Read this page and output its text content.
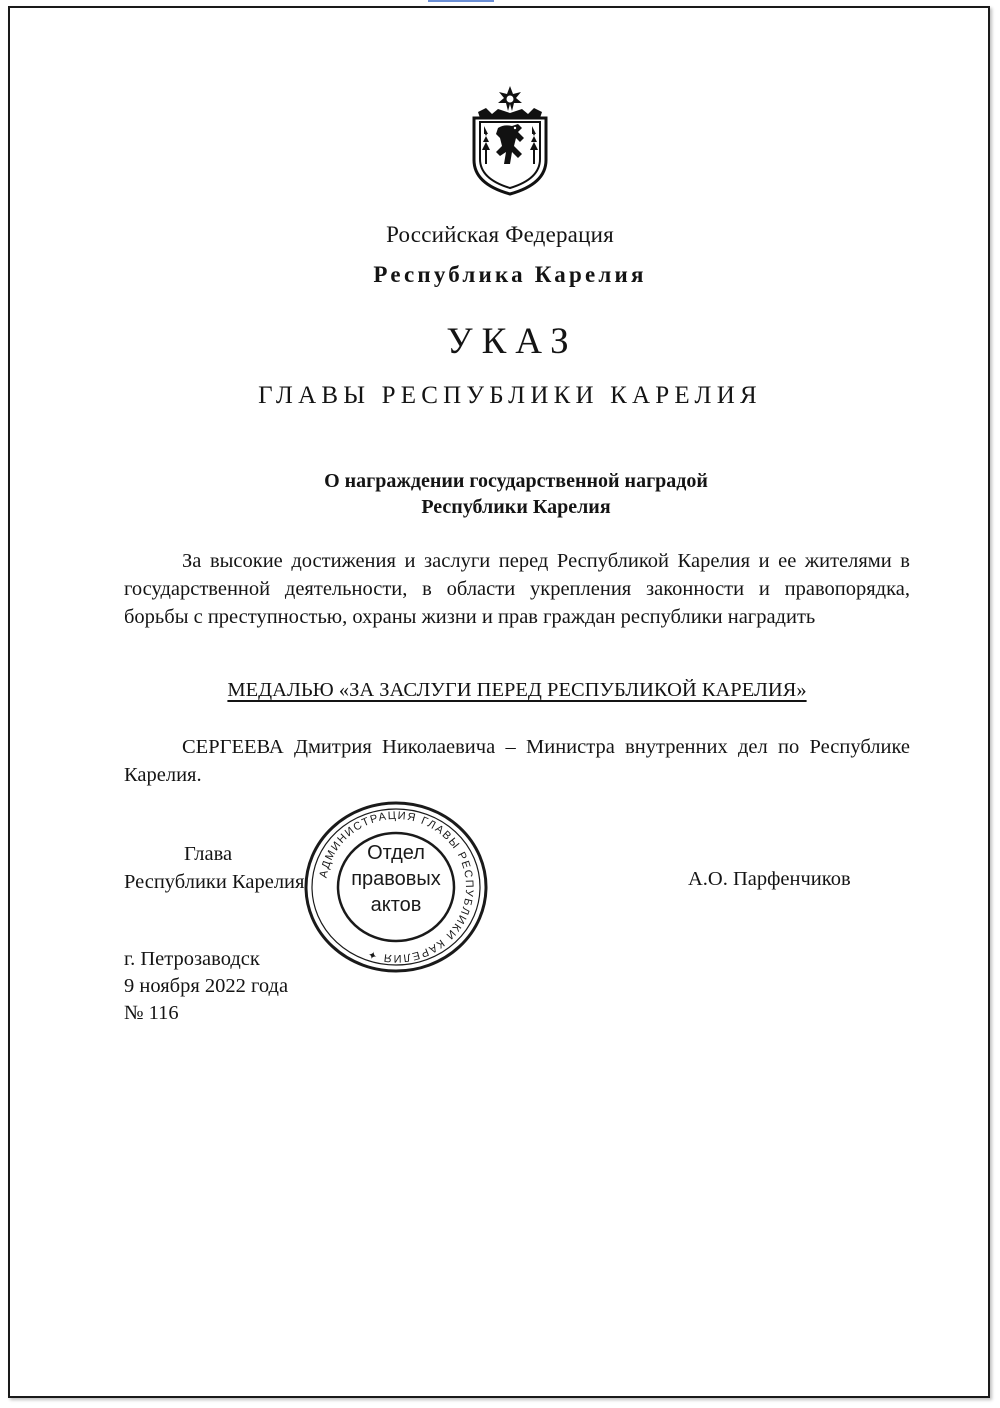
Российская Федерация
Республика Карелия
УКАЗ
ГЛАВЫ РЕСПУБЛИКИ КАРЕЛИЯ
О награждении государственной наградой
Республики Карелия
За высокие достижения и заслуги перед Республикой Карелия и ее жителями в государственной деятельности, в области укрепления законности и правопорядка, борьбы с преступностью, охраны жизни и прав граждан республики наградить
МЕДАЛЬЮ «ЗА ЗАСЛУГИ ПЕРЕД РЕСПУБЛИКОЙ КАРЕЛИЯ»
СЕРГЕЕВА Дмитрия Николаевича – Министра внутренних дел по Республике Карелия.
Глава
Республики Карелия	А.О. Парфенчиков
АДМИНИСТРАЦИЯ ГЛАВЫ РЕСПУБЛИКИ КАРЕЛИЯ ✦
Отдел
правовых
актов
г. Петрозаводск
9 ноября 2022 года
№ 116
